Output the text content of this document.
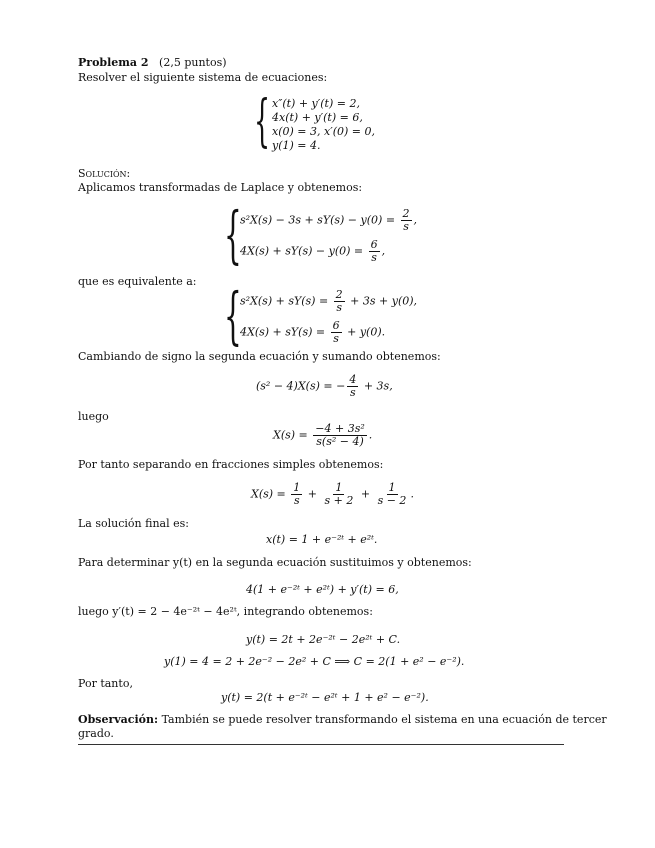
Problema 2 (2,5 puntos)
Resolver el siguiente sistema de ecuaciones:
{ x″(t) + y′(t) = 2,
4x(t) + y′(t) = 6,
x(0) = 3, x′(0) = 0,
y(1) = 4.
Solución:
Aplicamos transformadas de Laplace y obtenemos:
{
$s^2X(s) - 3s + sY(s) - y(0) = \frac{2}{s}$ ,
$4X(s) + sY(s) - y(0) = \frac{6}{s}$ ,
que es equivalente a: {
$s^2X(s) + sY(s) = \frac{2}{s} + 3s + y(0)$,
$4X(s) + sY(s) = \frac{6}{s} + y(0)$.
Cambiando de signo la segunda ecuación y sumando obtenemos:
(s² − 4)X(s) = − $\frac{4}{s} + 3s$,
luego
$X(s) = \frac{\text{−4 + 3s²}}{\text{s(s² − 4)}}$ .
Por tanto separando en fracciones simples obtenemos:
$X(s) = \frac{1}{s} + \frac{1}{s + 2} + \frac{1}{s - 2}$ .
La solución final es:
x(t) = 1 + e⁻²ᵗ + e²ᵗ.
Para determinar y(t) en la segunda ecuación sustituimos y obtenemos:
4(1 + e⁻²ᵗ + e²ᵗ) + y′(t) = 6,
luego y′(t) = 2 − 4e⁻²ᵗ − 4e²ᵗ, integrando obtenemos:
y(t) = 2t + 2e⁻²ᵗ − 2e²ᵗ + C.
y(1) = 4 = 2 + 2e⁻² − 2e² + C ⟹ C = 2(1 + e² − e⁻²).
Por tanto,
y(t) = 2(t + e⁻²ᵗ − e²ᵗ + 1 + e² − e⁻²).
Observación: También se puede resolver transformando el sistema en una ecuación de tercer
grado.
